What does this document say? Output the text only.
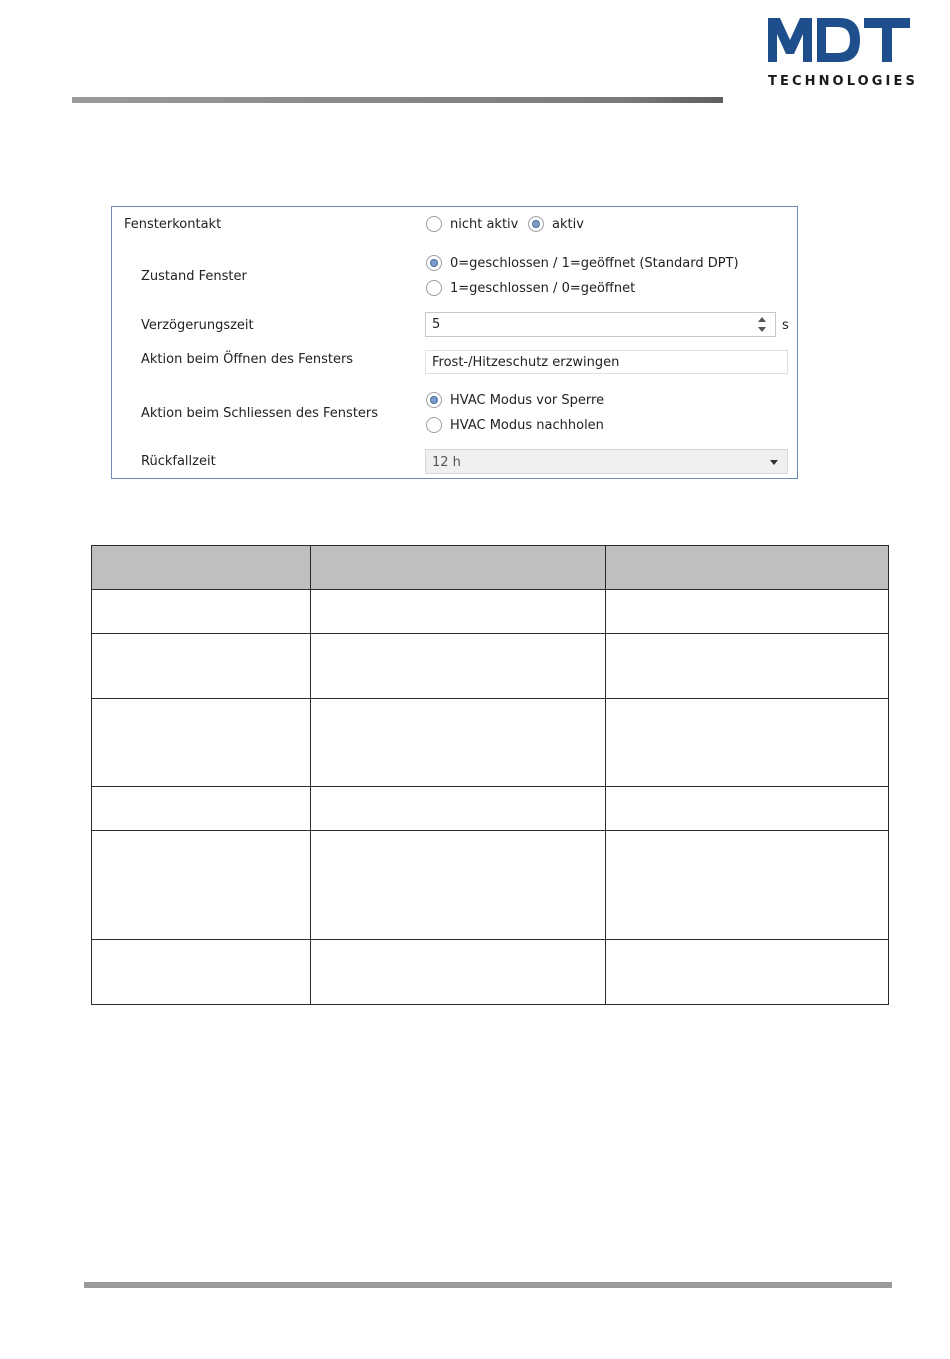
TECHNOLOGIES
Fensterkontakt	nicht aktiv	aktiv
Zustand Fenster
0=geschlossen / 1=geöffnet (Standard DPT)
1=geschlossen / 0=geöffnet
Verzögerungszeit	5	s
Aktion beim Öffnen des Fensters	Frost-/Hitzeschutz erzwingen
Aktion beim Schliessen des Fensters
HVAC Modus vor Sperre
HVAC Modus nachholen
Rückfallzeit	12 h
